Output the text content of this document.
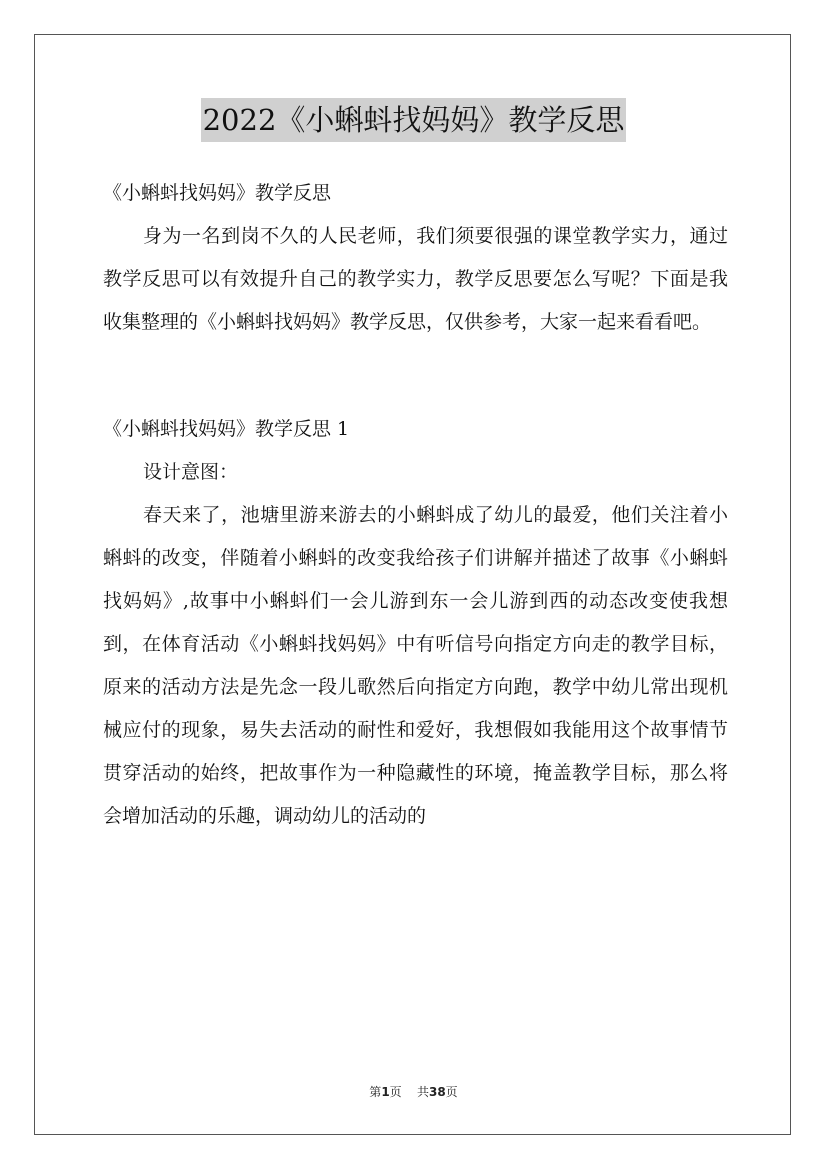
2022《小蝌蚪找妈妈》教学反思

《小蝌蚪找妈妈》教学反思

身为一名到岗不久的人民老师，我们须要很强的课堂教学实力，通过教学反思可以有效提升自己的教学实力，教学反思要怎么写呢？下面是我收集整理的《小蝌蚪找妈妈》教学反思，仅供参考，大家一起来看看吧。

《小蝌蚪找妈妈》教学反思 1

设计意图：

春天来了，池塘里游来游去的小蝌蚪成了幼儿的最爱，他们关注着小蝌蚪的改变，伴随着小蝌蚪的改变我给孩子们讲解并描述了故事《小蝌蚪找妈妈》,故事中小蝌蚪们一会儿游到东一会儿游到西的动态改变使我想到，在体育活动《小蝌蚪找妈妈》中有听信号向指定方向走的教学目标，原来的活动方法是先念一段儿歌然后向指定方向跑，教学中幼儿常出现机械应付的现象，易失去活动的耐性和爱好，我想假如我能用这个故事情节贯穿活动的始终，把故事作为一种隐藏性的环境，掩盖教学目标，那么将会增加活动的乐趣，调动幼儿的活动的

第1页 共38页
